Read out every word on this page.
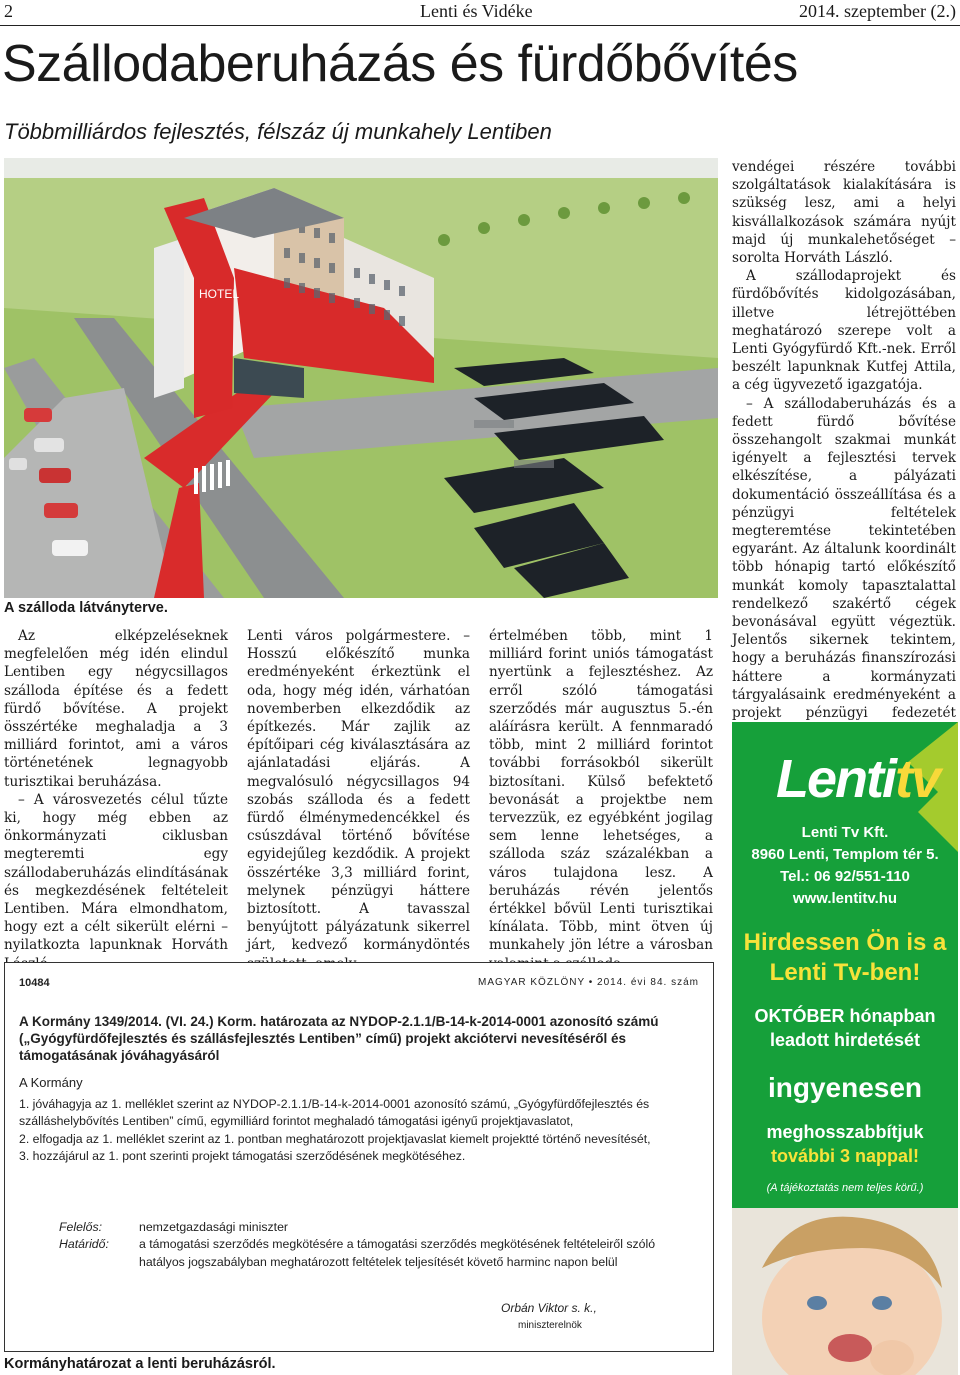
2	Lenti és Vidéke	2014. szeptember (2.)
Szállodaberuházás és fürdőbővítés
Többmilliárdos fejlesztés, félszáz új munkahely Lentiben
HOTEL
A szálloda látványterve.

Az elképzeléseknek megfelelően még idén elindul Lentiben egy négycsillagos szálloda építése és a fedett fürdő bővítése. A projekt összértéke meghaladja a 3 milliárd forintot, ami a város történetének legnagyobb turisztikai beruházása.

– A városvezetés célul tűzte ki, hogy még ebben az önkormányzati ciklusban megteremti egy szállodaberuházás elindításának és megkezdésének feltételeit Lentiben. Mára elmondhatom, hogy ezt a célt sikerült elérni – nyilatkozta lapunknak Horváth

Lenti város polgármestere. – Hosszú előkészítő munka eredményeként érkeztünk el oda, hogy még idén, várhatóan novemberben elkezdődik az építkezés. Már zajlik az építőipari cég kiválasztására az ajánlatadási eljárás. A megvalósuló négycsillagos 94 szobás szálloda és a fedett fürdő élménymedencékkel és csúszdával történő bővítése egyidejűleg kezdődik. A projekt összértéke 3,3 milliárd forint, melynek pénzügyi háttere biztosított. A tavasszal benyújtott pályázatunk sikerrel járt, kedvező kormánydöntés

értelmében több, mint 1 milliárd forint uniós támogatást nyertünk a fejlesztéshez. Az erről szóló támogatási szerződés már augusztus 5.-én aláírásra került. A fennmaradó több, mint 2 milliárd forintot további forrásokból sikerült biztosítani. Külső befektető bevonását a projektbe nem tervezzük, ez egyébként jogilag sem lenne lehetséges, a szálloda száz százalékban a város tulajdona lesz. A beruházás révén jelentős értékkel bővül Lenti turisztikai kínálata. Több, mint ötven új munkahely jön létre a városban

vendégei részére további szolgáltatások kialakítására is szükség lesz, ami a helyi kisvállalkozások számára nyújt majd új munkalehetőséget – sorolta Horváth László.

A szállodaprojekt és fürdőbővítés kidolgozásában, illetve létrejöttében meghatározó szerepe volt a Lenti Gyógyfürdő Kft.-nek. Erről beszélt lapunknak Kutfej Attila, a cég ügyvezető igazgatója.

– A szállodaberuházás és a fedett fürdő bővítése összehangolt szakmai munkát igényelt a fejlesztési tervek elkészítése, a pályázati dokumentáció összeállítása és a pénzügyi feltételek megteremtése tekintetében egyaránt. Az általunk koordinált több hónapig tartó előkészítő munkát komoly tapasztalattal rendelkező szakértő cégek bevonásával együtt végeztük. Jelentős sikernek tekintem, hogy a beruházás finanszírozási háttere a kormányzati tárgyalásaink eredményeként a projekt pénzügyi fedezetét

10484	MAGYAR KÖZLÖNY • 2014. évi 84. szám
A Kormány 1349/2014. (VI. 24.) Korm. határozata az NYDOP-2.1.1/B-14-k-2014-0001 azonosító számú („Gyógyfürdőfejlesztés és szállásfejlesztés Lentiben” című) projekt akciótervi nevesítéséről és támogatásának jóváhagyásáról
A Kormány
1. jóváhagyja az 1. melléklet szerint az NYDOP-2.1.1/B-14-k-2014-0001 azonosító számú, „Gyógyfürdőfejlesztés és szálláshelybővítés Lentiben” című, egymilliárd forintot meghaladó támogatási igényű projektjavaslatot,
2. elfogadja az 1. melléklet szerint az 1. pontban meghatározott projektjavaslat kiemelt projektté történő nevesítését,
3. hozzájárul az 1. pont szerinti projekt támogatási szerződésének megkötéséhez.
Felelős:	nemzetgazdasági miniszter
Határidő: a támogatási szerződés megkötésére a támogatási szerződés megkötésének feltételeiről szóló hatályos jogszabályban meghatározott feltételek teljesítését követő harminc napon belül
Orbán Viktor s. k.,
miniszterelnök
Kormányhatározat a lenti beruházásról.
Lentitv
Lenti Tv Kft.
8960 Lenti, Templom tér 5.
Tel.: 06 92/551-110
www.lentitv.hu
Hirdessen Ön is a Lenti Tv-ben!
OKTÓBER hónapban leadott hirdetését
ingyenesen
meghosszabbítjuk
további 3 nappal!
(A tájékoztatás nem teljes körű.)
